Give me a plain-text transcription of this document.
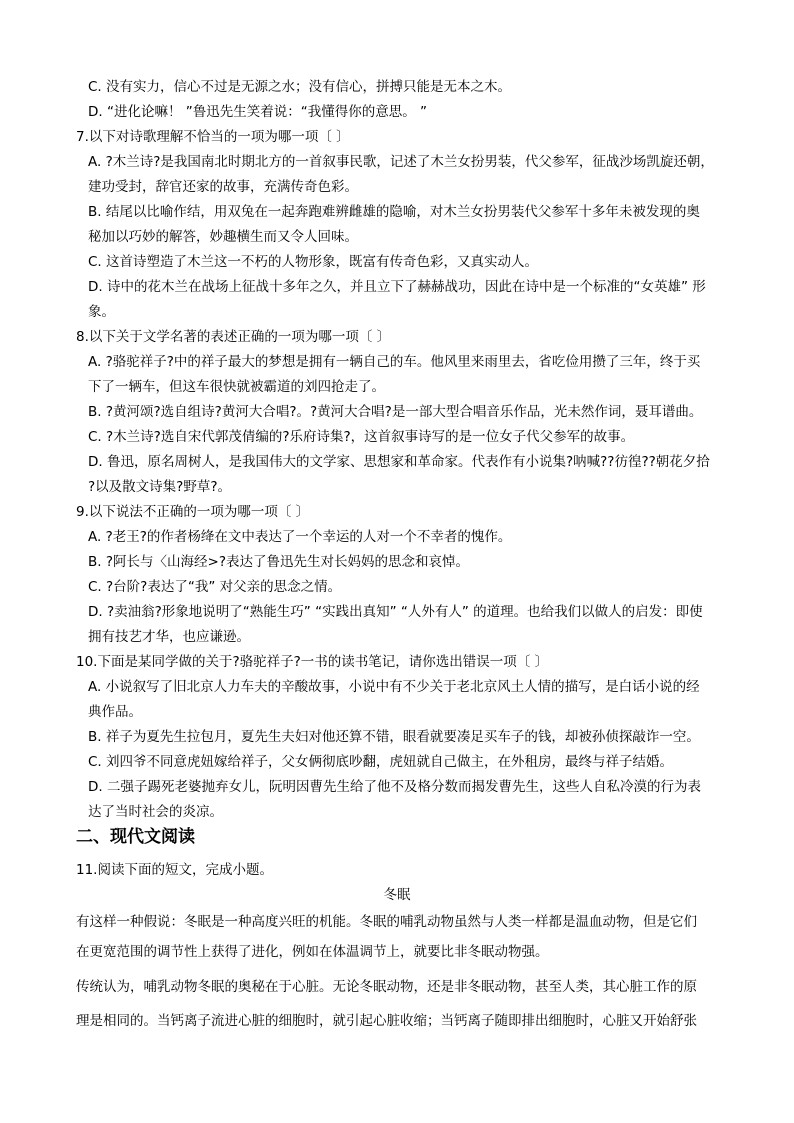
C. 没有实力，信心不过是无源之水；没有信心，拼搏只能是无本之木。
D. “进化论嘛！ ”鲁迅先生笑着说：“我懂得你的意思。 ”
7.以下对诗歌理解不恰当的一项为哪一项〔 〕
A. ?木兰诗?是我国南北时期北方的一首叙事民歌，记述了木兰女扮男装，代父参军，征战沙场凯旋还朝，
建功受封，辞官还家的故事，充满传奇色彩。
B. 结尾以比喻作结，用双兔在一起奔跑难辨雌雄的隐喻，对木兰女扮男装代父参军十多年未被发现的奥
秘加以巧妙的解答，妙趣横生而又令人回味。
C. 这首诗塑造了木兰这一不朽的人物形象，既富有传奇色彩，又真实动人。
D. 诗中的花木兰在战场上征战十多年之久，并且立下了赫赫战功，因此在诗中是一个标准的“女英雄” 形
象。
8.以下关于文学名著的表述正确的一项为哪一项〔 〕
A. ?骆驼祥子?中的祥子最大的梦想是拥有一辆自己的车。他风里来雨里去，省吃俭用攒了三年，终于买
下了一辆车，但这车很快就被霸道的刘四抢走了。
B. ?黄河颂?选自组诗?黄河大合唱?。?黄河大合唱?是一部大型合唱音乐作品，光未然作词，聂耳谱曲。
C. ?木兰诗?选自宋代郭茂倩编的?乐府诗集?，这首叙事诗写的是一位女子代父参军的故事。
D. 鲁迅，原名周树人，是我国伟大的文学家、思想家和革命家。代表作有小说集?呐喊??彷徨??朝花夕拾
?以及散文诗集?野草?。
9.以下说法不正确的一项为哪一项〔 〕
A. ?老王?的作者杨绛在文中表达了一个幸运的人对一个不幸者的愧作。
B. ?阿长与〈山海经>?表达了鲁迅先生对长妈妈的思念和哀悼。
C. ?台阶?表达了“我” 对父亲的思念之情。
D. ?卖油翁?形象地说明了“熟能生巧” “实践出真知” “人外有人” 的道理。也给我们以做人的启发：即使
拥有技艺才华，也应谦逊。
10.下面是某同学做的关于?骆驼祥子?一书的读书笔记，请你选出错误一项〔 〕
A. 小说叙写了旧北京人力车夫的辛酸故事，小说中有不少关于老北京风土人情的描写，是白话小说的经
典作品。
B. 祥子为夏先生拉包月，夏先生夫妇对他还算不错，眼看就要凑足买车子的钱，却被孙侦探敲诈一空。
C. 刘四爷不同意虎妞嫁给祥子，父女俩彻底吵翻，虎妞就自己做主，在外租房，最终与祥子结婚。
D. 二强子踢死老婆抛弃女儿，阮明因曹先生给了他不及格分数而揭发曹先生，这些人自私冷漠的行为表
达了当时社会的炎凉。
二、现代文阅读
11.阅读下面的短文，完成小题。
冬眠
有这样一种假说：冬眠是一种高度兴旺的机能。冬眠的哺乳动物虽然与人类一样都是温血动物，但是它们
在更宽范围的调节性上获得了进化，例如在体温调节上，就要比非冬眠动物强。
传统认为，哺乳动物冬眠的奥秘在于心脏。无论冬眠动物，还是非冬眠动物，甚至人类，其心脏工作的原
理是相同的。当钙离子流进心脏的细胞时，就引起心脏收缩；当钙离子随即排出细胞时，心脏又开始舒张
